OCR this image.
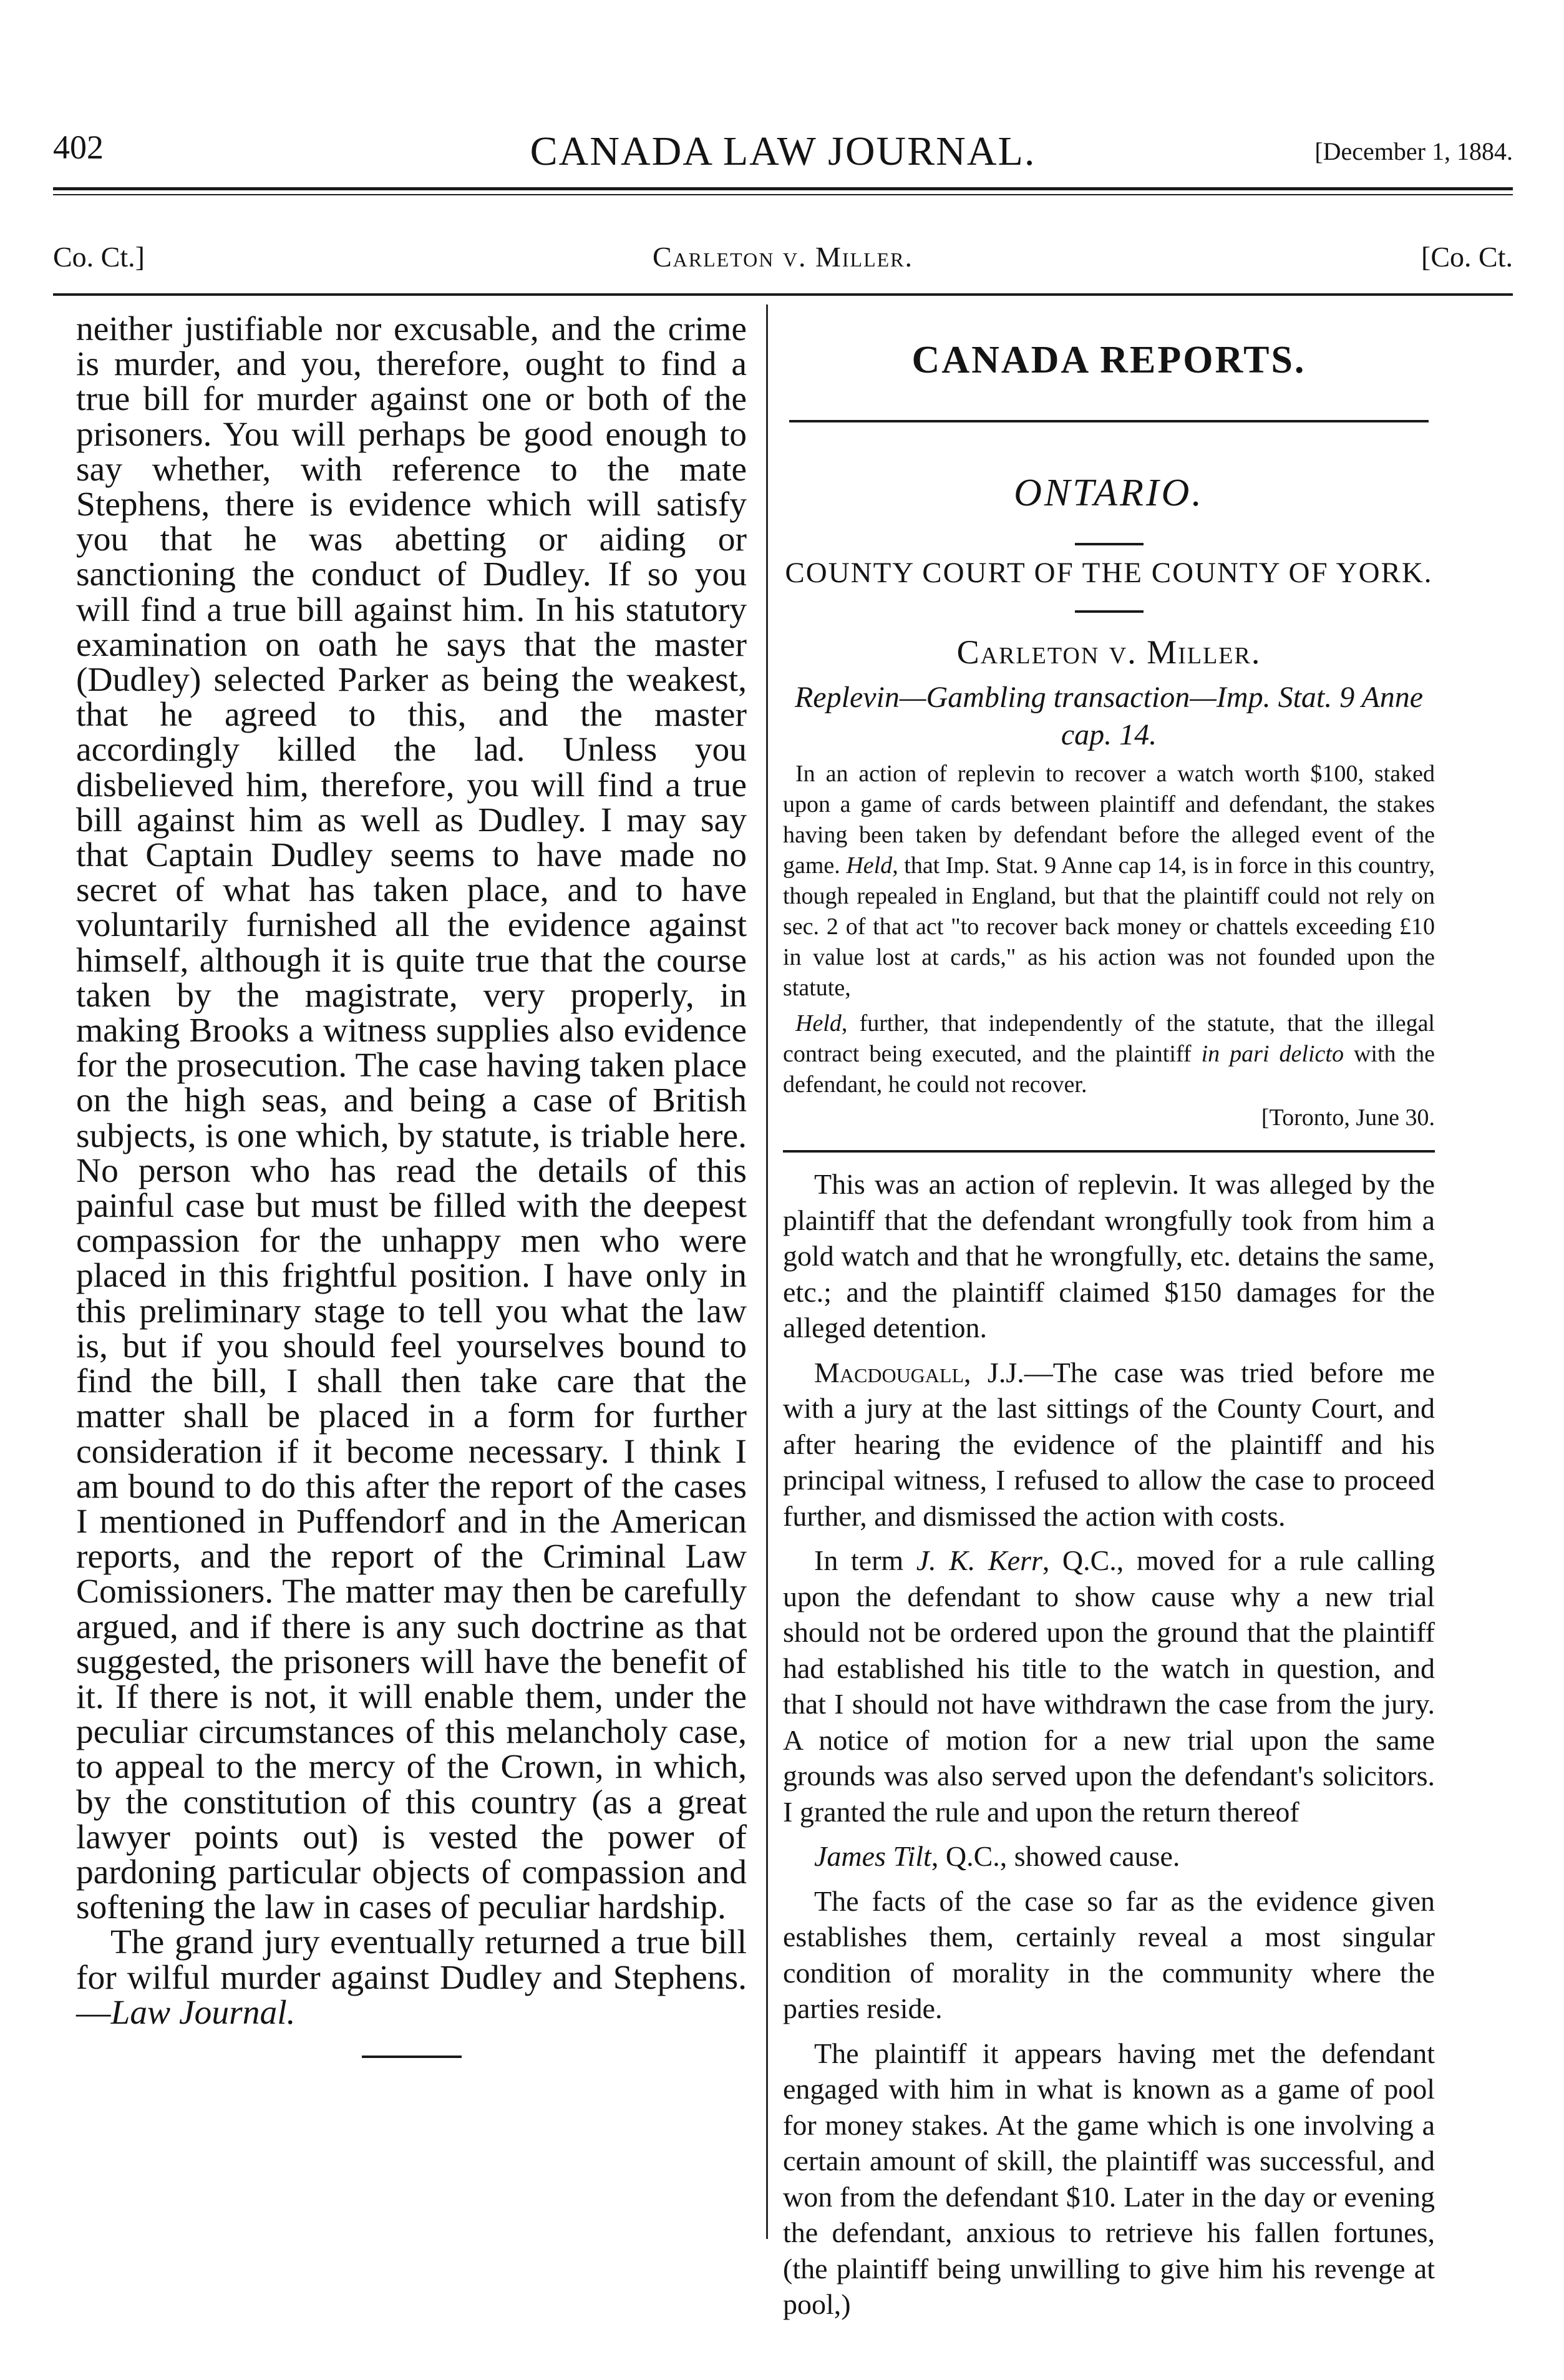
402	CANADA LAW JOURNAL.	[December 1, 1884.
Co. Ct.]	Carleton v. Miller.	[Co. Ct.

neither justifiable nor excusable, and the crime is murder, and you, therefore, ought to find a true bill for murder against one or both of the prisoners. You will perhaps be good enough to say whether, with reference to the mate Stephens, there is evidence which will satisfy you that he was abetting or aiding or sanctioning the conduct of Dudley. If so you will find a true bill against him. In his statutory examination on oath he says that the master (Dudley) selected Parker as being the weakest, that he agreed to this, and the master accordingly killed the lad. Unless you disbelieved him, therefore, you will find a true bill against him as well as Dudley. I may say that Captain Dudley seems to have made no secret of what has taken place, and to have voluntarily furnished all the evidence against himself, although it is quite true that the course taken by the magistrate, very properly, in making Brooks a witness supplies also evidence for the prosecution. The case having taken place on the high seas, and being a case of British subjects, is one which, by statute, is triable here. No person who has read the details of this painful case but must be filled with the deepest compassion for the unhappy men who were placed in this frightful position. I have only in this preliminary stage to tell you what the law is, but if you should feel yourselves bound to find the bill, I shall then take care that the matter shall be placed in a form for further consideration if it become necessary. I think I am bound to do this after the report of the cases I mentioned in Puffendorf and in the American reports, and the report of the Criminal Law Comissioners. The matter may then be carefully argued, and if there is any such doctrine as that suggested, the prisoners will have the benefit of it. If there is not, it will enable them, under the peculiar circumstances of this melancholy case, to appeal to the mercy of the Crown, in which, by the constitution of this country (as a great lawyer points out) is vested the power of pardoning particular objects of compassion and softening the law in cases of peculiar hardship.

The grand jury eventually returned a true bill for wilful murder against Dudley and Stephens.—Law Journal.

CANADA REPORTS.
ONTARIO.
COUNTY COURT OF THE COUNTY OF YORK.
Carleton v. Miller.
Replevin—Gambling transaction—Imp. Stat. 9 Anne cap. 14.

In an action of replevin to recover a watch worth $100, staked upon a game of cards between plaintiff and defendant, the stakes having been taken by defendant before the alleged event of the game. Held, that Imp. Stat. 9 Anne cap 14, is in force in this country, though repealed in England, but that the plaintiff could not rely on sec. 2 of that act "to recover back money or chattels exceeding £10 in value lost at cards," as his action was not founded upon the statute,

Held, further, that independently of the statute, that the illegal contract being executed, and the plaintiff in pari delicto with the defendant, he could not recover.

[Toronto, June 30.

This was an action of replevin. It was alleged by the plaintiff that the defendant wrongfully took from him a gold watch and that he wrongfully, etc. detains the same, etc.; and the plaintiff claimed $150 damages for the alleged detention.

Macdougall, J.J.—The case was tried before me with a jury at the last sittings of the County Court, and after hearing the evidence of the plaintiff and his principal witness, I refused to allow the case to proceed further, and dismissed the action with costs.

In term J. K. Kerr, Q.C., moved for a rule calling upon the defendant to show cause why a new trial should not be ordered upon the ground that the plaintiff had established his title to the watch in question, and that I should not have withdrawn the case from the jury. A notice of motion for a new trial upon the same grounds was also served upon the defendant's solicitors. I granted the rule and upon the return thereof

James Tilt, Q.C., showed cause.

The facts of the case so far as the evidence given establishes them, certainly reveal a most singular condition of morality in the community where the parties reside.

The plaintiff it appears having met the defendant engaged with him in what is known as a game of pool for money stakes. At the game which is one involving a certain amount of skill, the plaintiff was successful, and won from the defendant $10. Later in the day or evening the defendant, anxious to retrieve his fallen fortunes, (the plaintiff being unwilling to give him his revenge at pool,)
